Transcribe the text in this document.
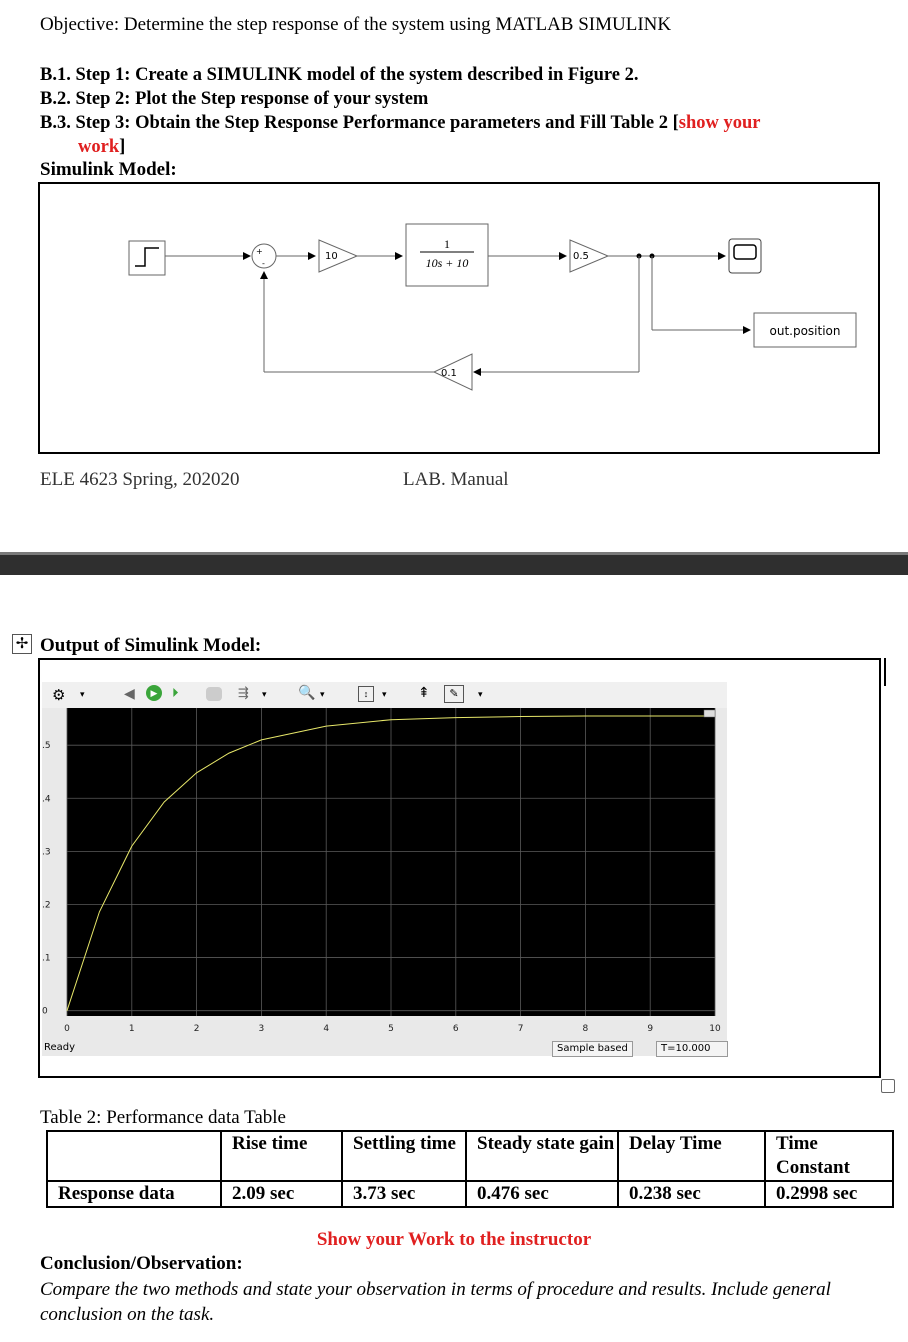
Objective: Determine the step response of the system using MATLAB SIMULINK
B.1. Step 1: Create a SIMULINK model of the system described in Figure 2.
B.2. Step 2: Plot the Step response of your system
B.3. Step 3: Obtain the Step Response Performance parameters and Fill Table 2 [show your
work]
Simulink Model:
+
-
10
1
10s + 10	0.5
out.position
0.1
ELE 4623 Spring, 202020	LAB. Manual
✢ Output of Simulink Model:
⚙ ▾	◀	▶	⏵	⇶ ▾ 🔍 ▾	↕	▾ ⇞	✎	▾
.5
.4
.3
.2
.1
0
0	1	2	3	4	5	6	7	8	9	10
Ready	Sample based	T=10.000
Table 2: Performance data Table
	Rise time	Settling time	Steady state gain	Delay Time	Time Constant
Response data	2.09 sec	3.73 sec	0.476 sec	0.238 sec	0.2998 sec
Show your Work to the instructor
Conclusion/Observation:
Compare the two methods and state your observation in terms of procedure and results. Include general conclusion on the task.
